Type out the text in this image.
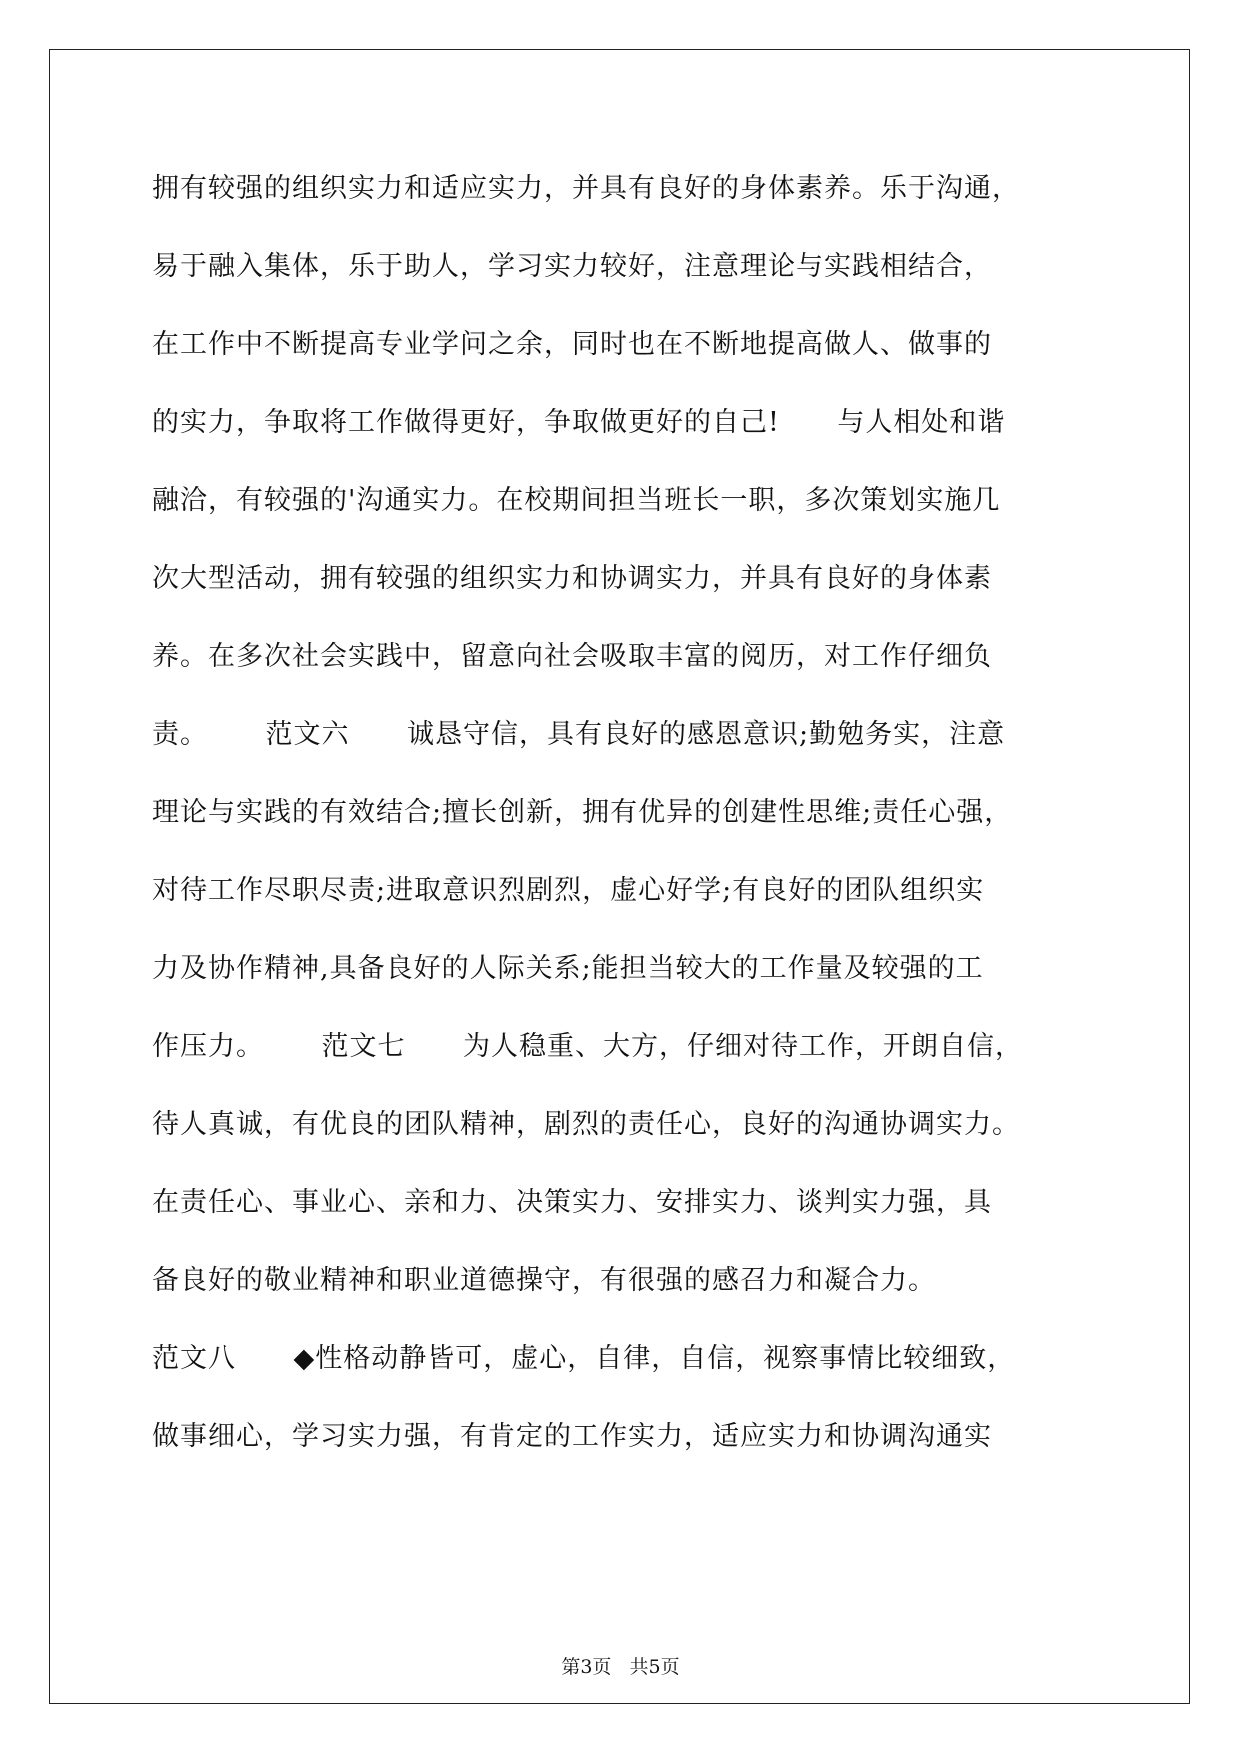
拥有较强的组织实力和适应实力，并具有良好的身体素养。乐于沟通，
易于融入集体，乐于助人，学习实力较好，注意理论与实践相结合，
在工作中不断提高专业学问之余，同时也在不断地提高做人、做事的
的实力，争取将工作做得更好，争取做更好的自己!      与人相处和谐
融洽，有较强的'沟通实力。在校期间担当班长一职，多次策划实施几
次大型活动，拥有较强的组织实力和协调实力，并具有良好的身体素
养。在多次社会实践中，留意向社会吸取丰富的阅历，对工作仔细负
责。      范文六      诚恳守信，具有良好的感恩意识;勤勉务实，注意
理论与实践的有效结合;擅长创新，拥有优异的创建性思维;责任心强，
对待工作尽职尽责;进取意识烈剧烈，虚心好学;有良好的团队组织实
力及协作精神,具备良好的人际关系;能担当较大的工作量及较强的工
作压力。      范文七      为人稳重、大方，仔细对待工作，开朗自信，
待人真诚，有优良的团队精神，剧烈的责任心，良好的沟通协调实力。
在责任心、事业心、亲和力、决策实力、安排实力、谈判实力强，具
备良好的敬业精神和职业道德操守，有很强的感召力和凝合力。
范文八      ◆性格动静皆可，虚心，自律，自信，视察事情比较细致，
做事细心，学习实力强，有肯定的工作实力，适应实力和协调沟通实
第3页   共5页
